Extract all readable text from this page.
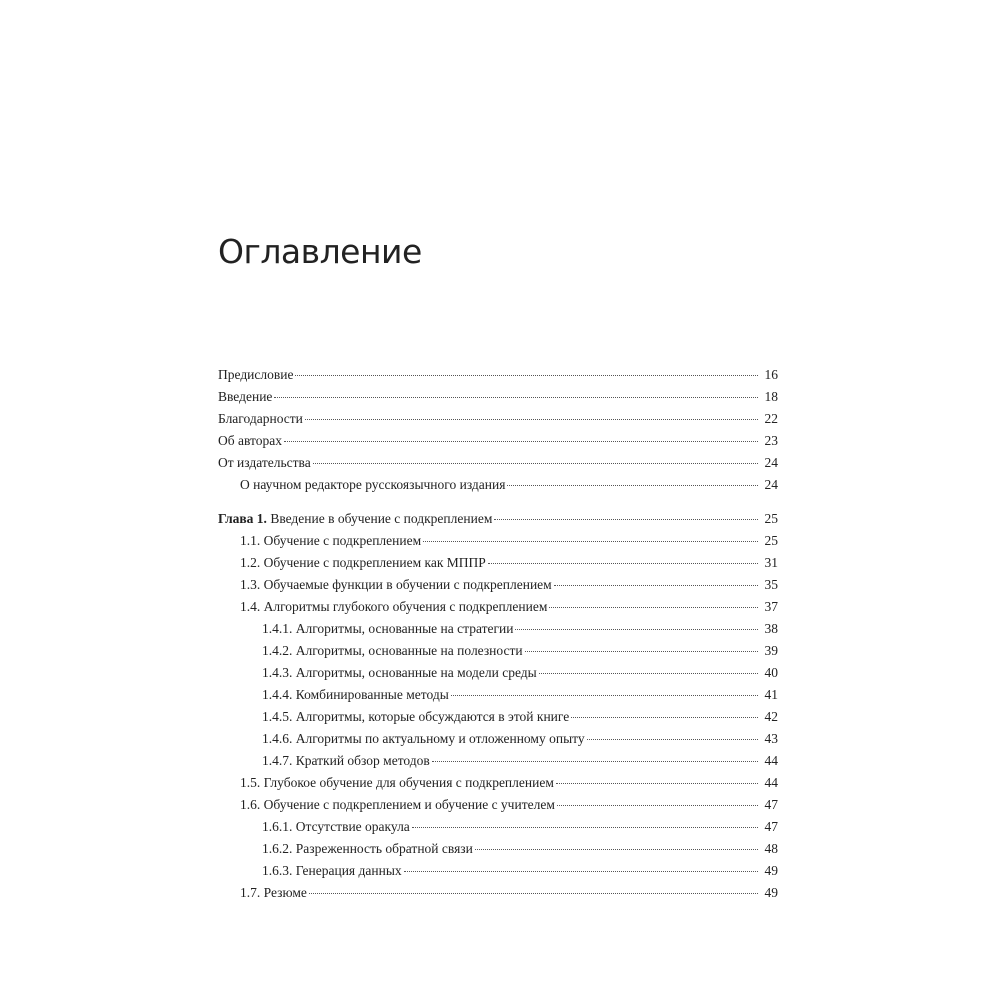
Оглавление
Предисловие	16
Введение	18
Благодарности	22
Об авторах	23
От издательства	24
О научном редакторе русскоязычного издания	24
Глава 1. Введение в обучение с подкреплением	25
1.1. Обучение с подкреплением	25
1.2. Обучение с подкреплением как МППР	31
1.3. Обучаемые функции в обучении с подкреплением	35
1.4. Алгоритмы глубокого обучения с подкреплением	37
1.4.1. Алгоритмы, основанные на стратегии	38
1.4.2. Алгоритмы, основанные на полезности	39
1.4.3. Алгоритмы, основанные на модели среды	40
1.4.4. Комбинированные методы	41
1.4.5. Алгоритмы, которые обсуждаются в этой книге	42
1.4.6. Алгоритмы по актуальному и отложенному опыту	43
1.4.7. Краткий обзор методов	44
1.5. Глубокое обучение для обучения с подкреплением	44
1.6. Обучение с подкреплением и обучение с учителем	47
1.6.1. Отсутствие оракула	47
1.6.2. Разреженность обратной связи	48
1.6.3. Генерация данных	49
1.7. Резюме	49
